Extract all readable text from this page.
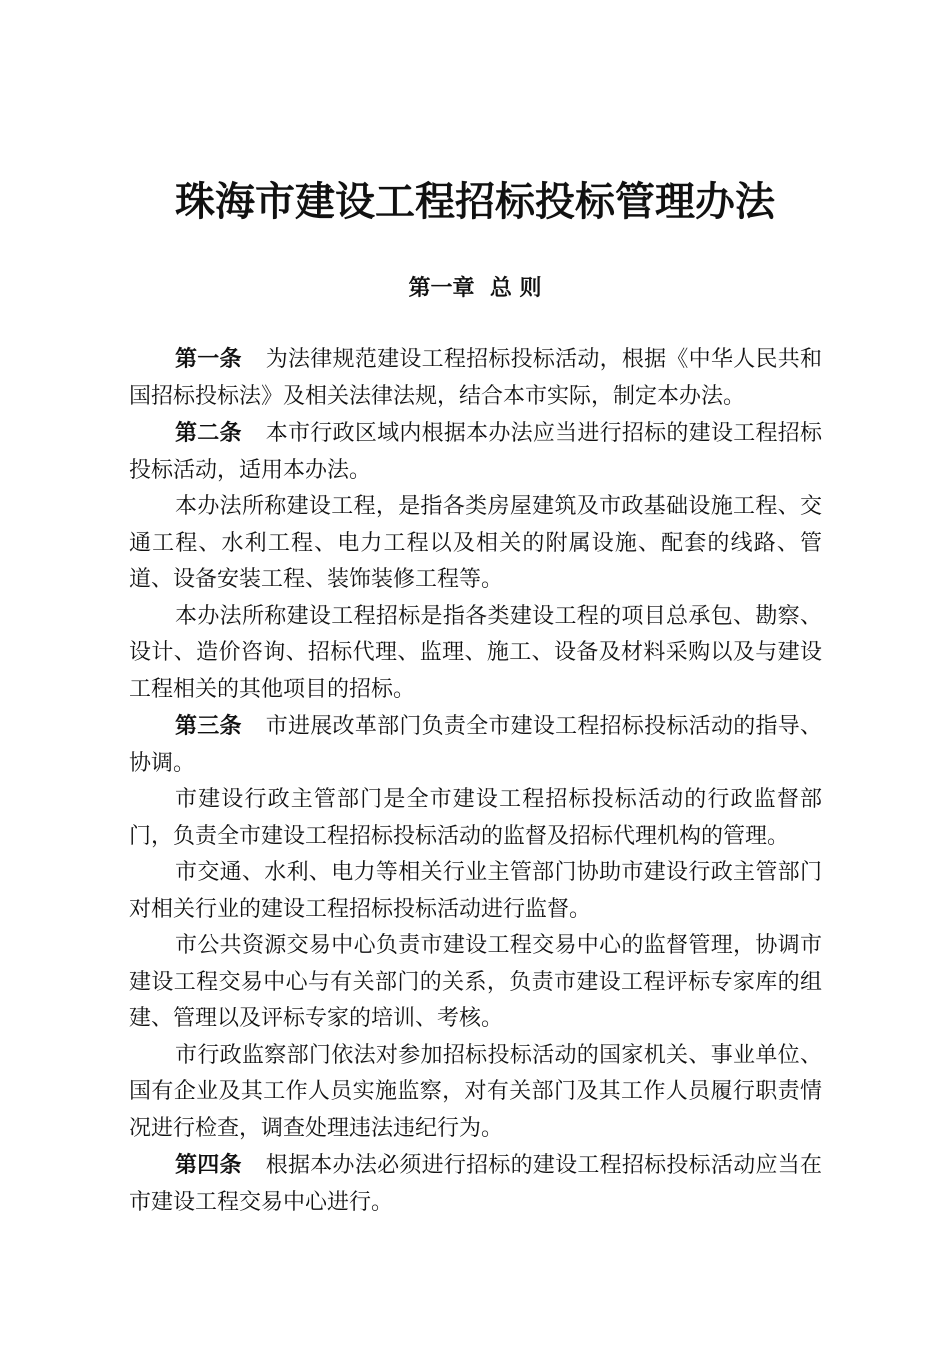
珠海市建设工程招标投标管理办法
第一章  总 则

第一条 为法律规范建设工程招标投标活动，根据《中华人民共和国招标投标法》及相关法律法规，结合本市实际，制定本办法。

第二条 本市行政区域内根据本办法应当进行招标的建设工程招标投标活动，适用本办法。

本办法所称建设工程，是指各类房屋建筑及市政基础设施工程、交通工程、水利工程、电力工程以及相关的附属设施、配套的线路、管道、设备安装工程、装饰装修工程等。

本办法所称建设工程招标是指各类建设工程的项目总承包、勘察、设计、造价咨询、招标代理、监理、施工、设备及材料采购以及与建设工程相关的其他项目的招标。

第三条 市进展改革部门负责全市建设工程招标投标活动的指导、协调。

市建设行政主管部门是全市建设工程招标投标活动的行政监督部门，负责全市建设工程招标投标活动的监督及招标代理机构的管理。

市交通、水利、电力等相关行业主管部门协助市建设行政主管部门对相关行业的建设工程招标投标活动进行监督。

市公共资源交易中心负责市建设工程交易中心的监督管理，协调市建设工程交易中心与有关部门的关系，负责市建设工程评标专家库的组建、管理以及评标专家的培训、考核。

市行政监察部门依法对参加招标投标活动的国家机关、事业单位、国有企业及其工作人员实施监察，对有关部门及其工作人员履行职责情况进行检查，调查处理违法违纪行为。

第四条 根据本办法必须进行招标的建设工程招标投标活动应当在市建设工程交易中心进行。
